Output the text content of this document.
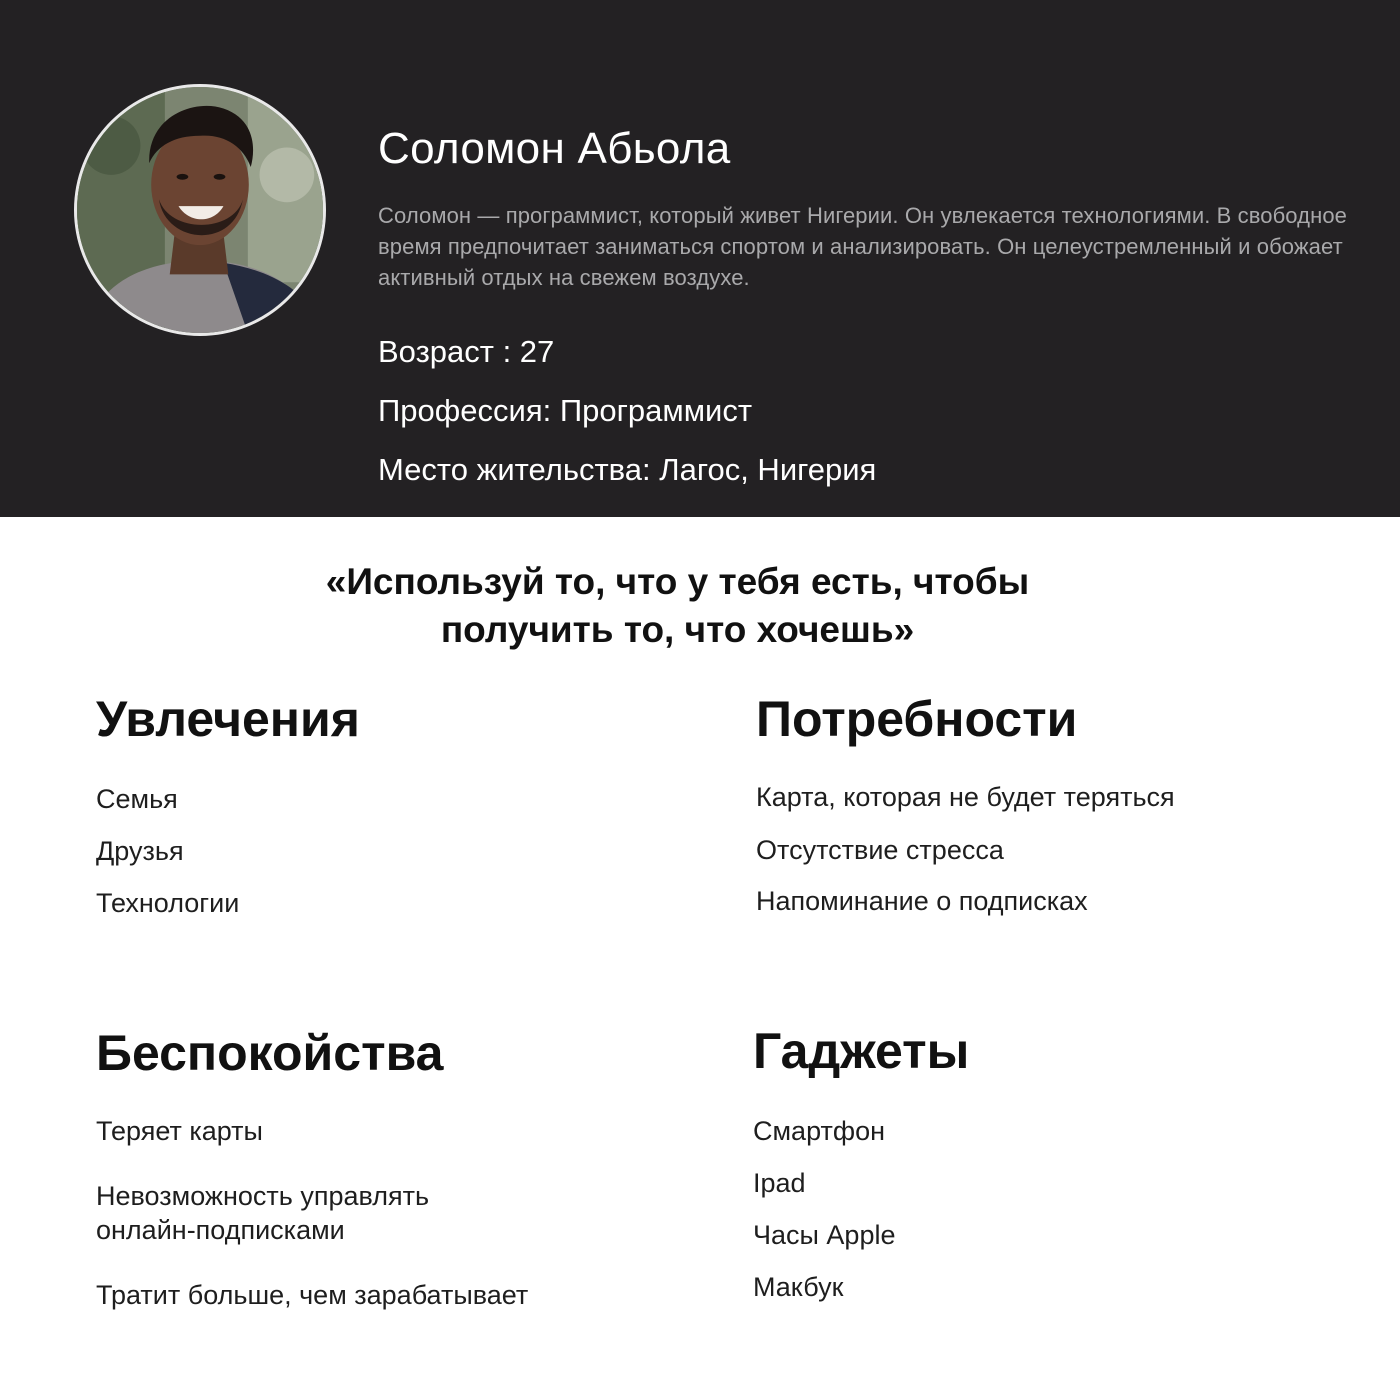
Соломон Абьола
Соломон — программист, который живет Нигерии. Он увлекается технологиями. В свободное время предпочитает заниматься спортом и анализировать. Он целеустремленный и обожает активный отдых на свежем воздухе.
Возраст : 27
Профессия: Программист
Место жительства: Лагос, Нигерия
«Используй то, что у тебя есть, чтобы
получить то, что хочешь»
Увлечения
Семья
Друзья
Технологии
Потребности
Карта, которая не будет теряться
Отсутствие стресса
Напоминание о подписках
Беспокойства
Теряет карты
Невозможность управлять
онлайн-подписками
Тратит больше, чем зарабатывает
Гаджеты
Смартфон
Ipad
Часы Apple
Макбук
